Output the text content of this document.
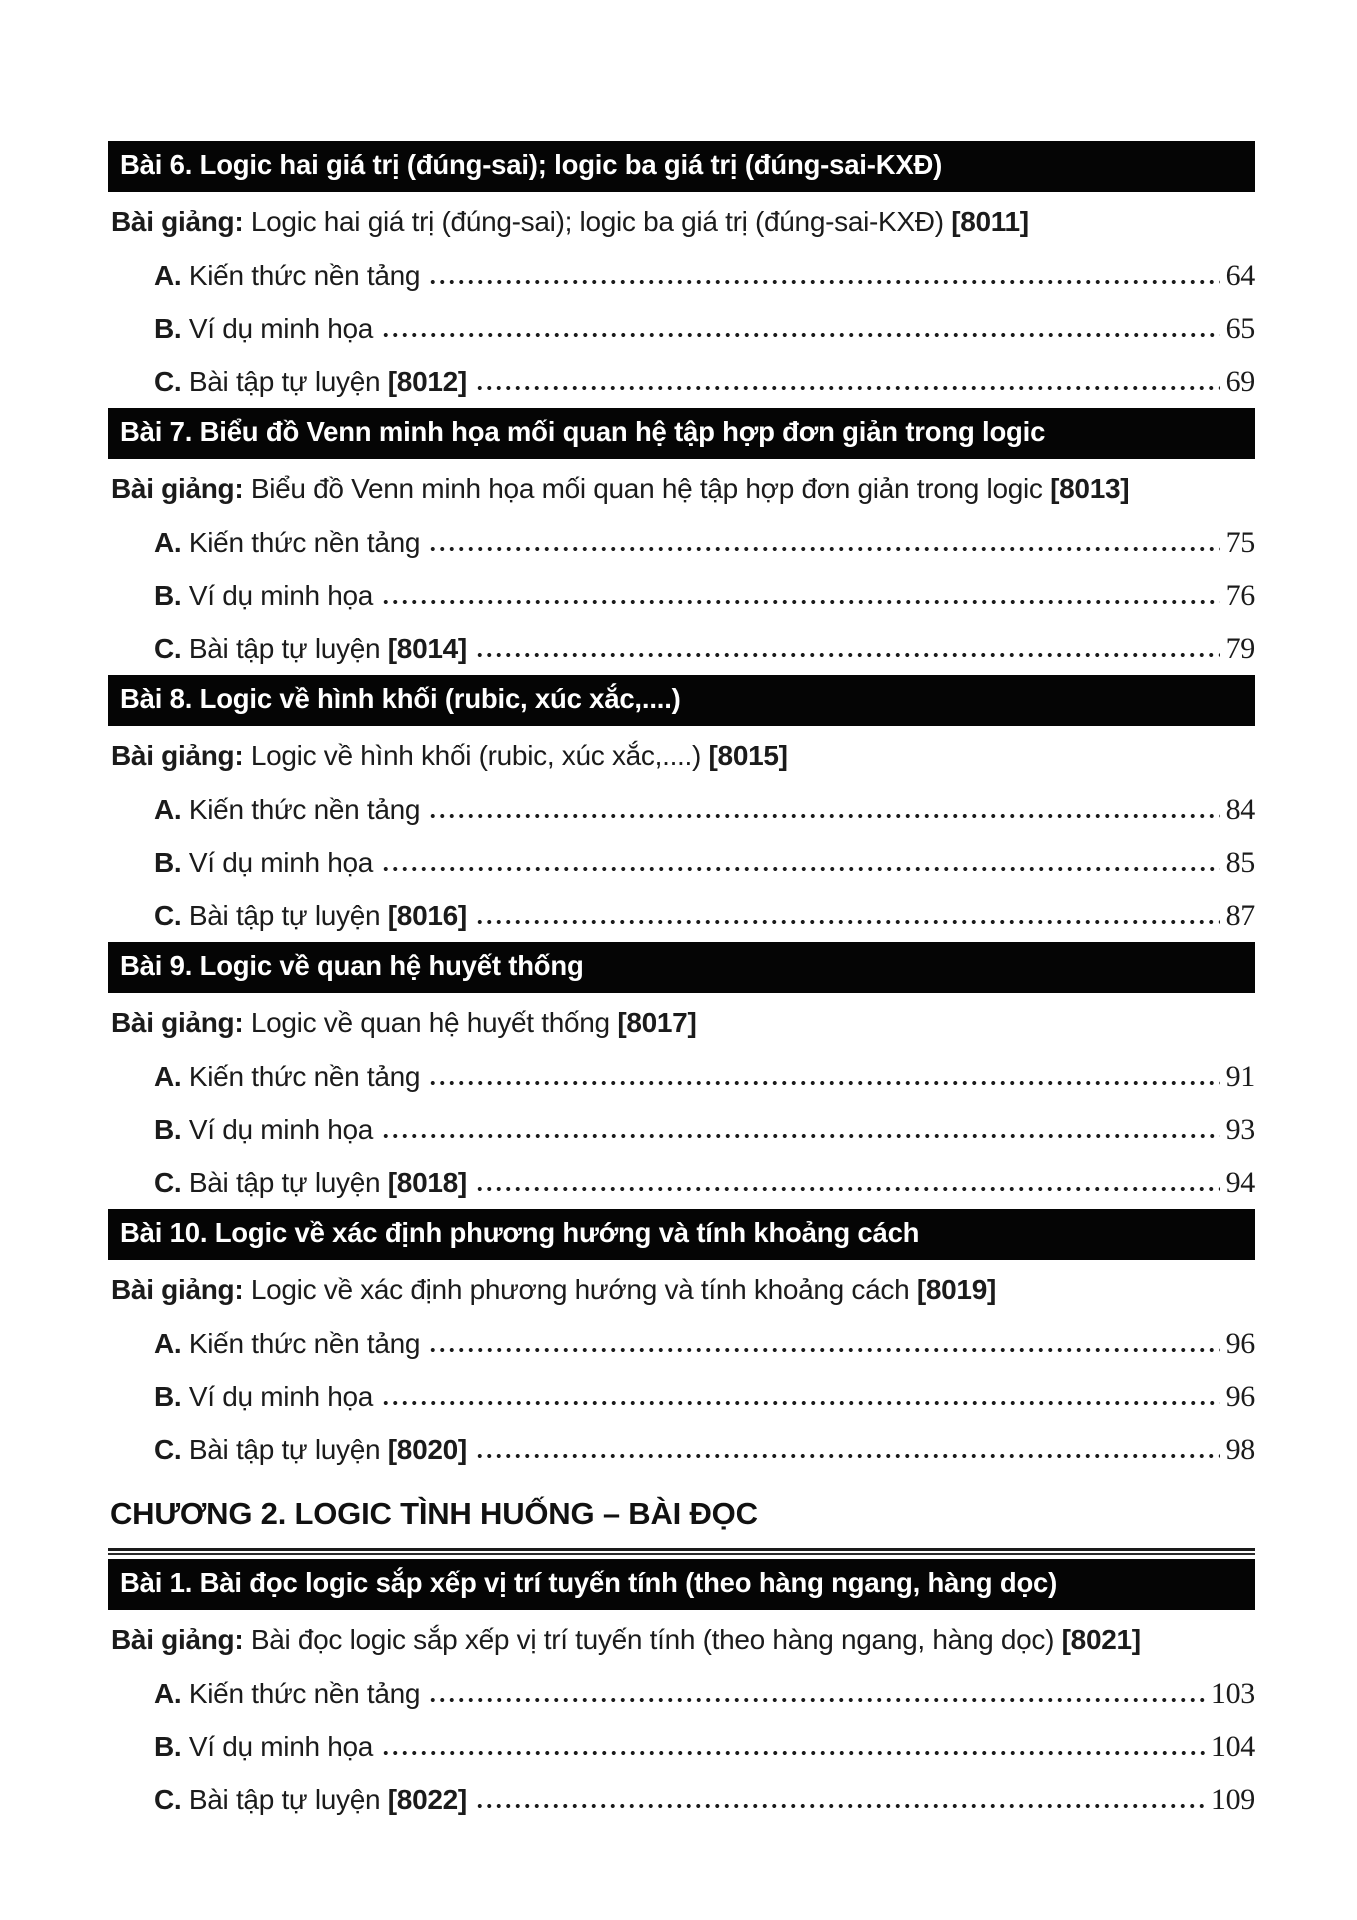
Bài 6. Logic hai giá trị (đúng-sai); logic ba giá trị (đúng-sai-KXĐ)

Bài giảng: Logic hai giá trị (đúng-sai); logic ba giá trị (đúng-sai-KXĐ) [8011]

A. Kiến thức nền tảng	64
B. Ví dụ minh họa	65
C. Bài tập tự luyện [8012]	69
Bài 7. Biểu đồ Venn minh họa mối quan hệ tập hợp đơn giản trong logic

Bài giảng: Biểu đồ Venn minh họa mối quan hệ tập hợp đơn giản trong logic [8013]

A. Kiến thức nền tảng	75
B. Ví dụ minh họa	76
C. Bài tập tự luyện [8014]	79
Bài 8. Logic về hình khối (rubic, xúc xắc,....)

Bài giảng: Logic về hình khối (rubic, xúc xắc,....) [8015]

A. Kiến thức nền tảng	84
B. Ví dụ minh họa	85
C. Bài tập tự luyện [8016]	87
Bài 9. Logic về quan hệ huyết thống

Bài giảng: Logic về quan hệ huyết thống [8017]

A. Kiến thức nền tảng	91
B. Ví dụ minh họa	93
C. Bài tập tự luyện [8018]	94
Bài 10. Logic về xác định phương hướng và tính khoảng cách

Bài giảng: Logic về xác định phương hướng và tính khoảng cách [8019]

A. Kiến thức nền tảng	96
B. Ví dụ minh họa	96
C. Bài tập tự luyện [8020]	98
CHƯƠNG 2. LOGIC TÌNH HUỐNG – BÀI ĐỌC
Bài 1. Bài đọc logic sắp xếp vị trí tuyến tính (theo hàng ngang, hàng dọc)

Bài giảng: Bài đọc logic sắp xếp vị trí tuyến tính (theo hàng ngang, hàng dọc) [8021]

A. Kiến thức nền tảng	103
B. Ví dụ minh họa	104
C. Bài tập tự luyện [8022]	109
